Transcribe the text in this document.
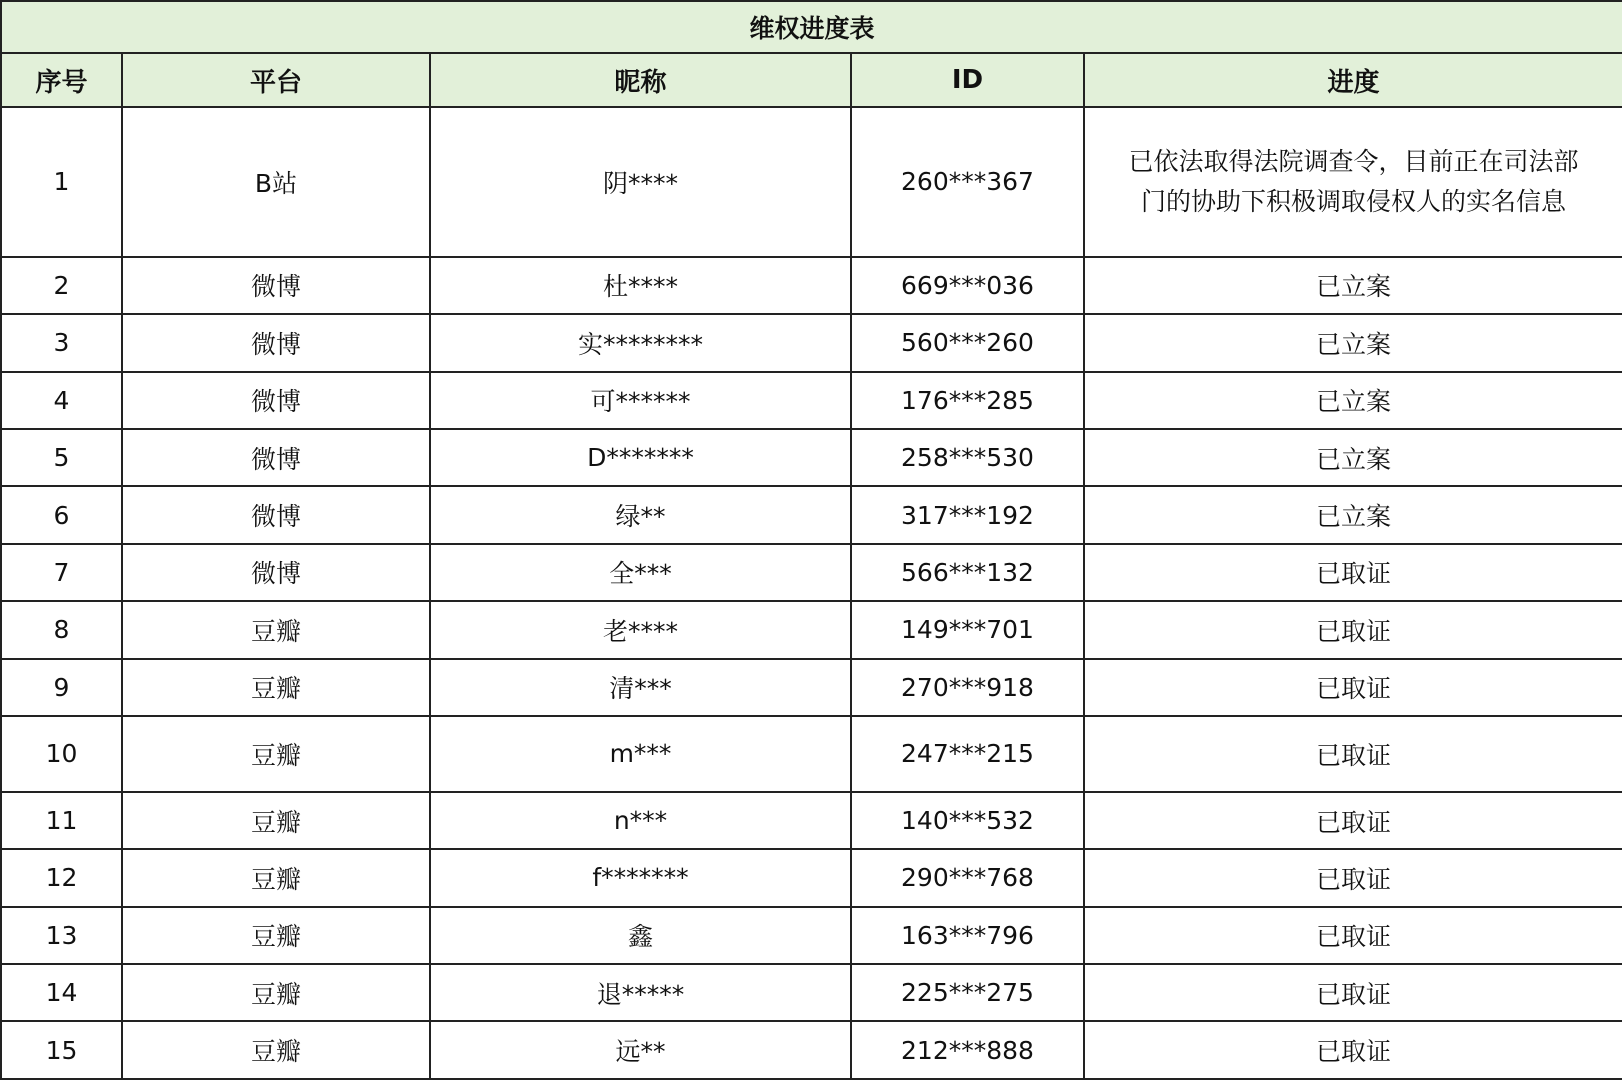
维权进度表				
序号	平台	昵称	ID	进度
1	B站	阴****	260***367	已依法取得法院调查令，目前正在司法部
门的协助下积极调取侵权人的实名信息

2	微博	杜****	669***036	已立案
3	微博	实********	560***260	已立案
4	微博	可******	176***285	已立案
5	微博	D*******	258***530	已立案
6	微博	绿**	317***192	已立案
7	微博	全***	566***132	已取证
8	豆瓣	老****	149***701	已取证
9	豆瓣	清***	270***918	已取证
10	豆瓣	m***	247***215	已取证
11	豆瓣	n***	140***532	已取证
12	豆瓣	f*******	290***768	已取证
13	豆瓣	鑫	163***796	已取证
14	豆瓣	退*****	225***275	已取证
15	豆瓣	远**	212***888	已取证
